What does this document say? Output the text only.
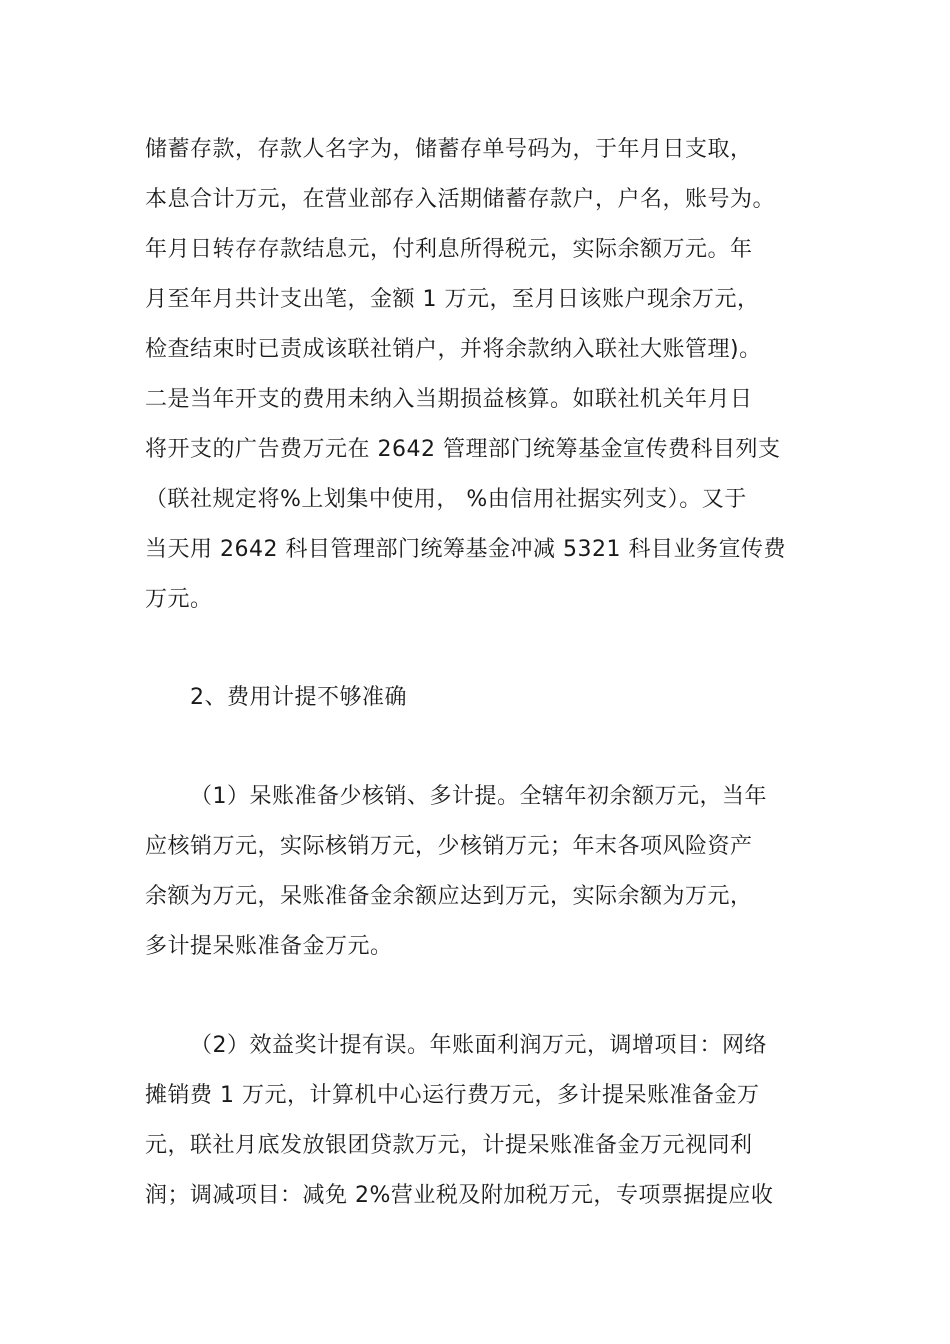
储蓄存款，存款人名字为，储蓄存单号码为，于年月日支取，
本息合计万元，在营业部存入活期储蓄存款户，户名，账号为。
年月日转存存款结息元，付利息所得税元，实际余额万元。年
月至年月共计支出笔，金额 1 万元，至月日该账户现余万元，
检查结束时已责成该联社销户，并将余款纳入联社大账管理)。
二是当年开支的费用未纳入当期损益核算。如联社机关年月日
将开支的广告费万元在 2642 管理部门统筹基金宣传费科目列支
（联社规定将%上划集中使用， %由信用社据实列支）。又于
当天用 2642 科目管理部门统筹基金冲减 5321 科目业务宣传费
万元。
2、费用计提不够准确
（1）呆账准备少核销、多计提。全辖年初余额万元，当年
应核销万元，实际核销万元，少核销万元；年末各项风险资产
余额为万元，呆账准备金余额应达到万元，实际余额为万元，
多计提呆账准备金万元。
（2）效益奖计提有误。年账面利润万元，调增项目：网络
摊销费 1 万元，计算机中心运行费万元，多计提呆账准备金万
元，联社月底发放银团贷款万元，计提呆账准备金万元视同利
润；调减项目：减免 2%营业税及附加税万元，专项票据提应收
